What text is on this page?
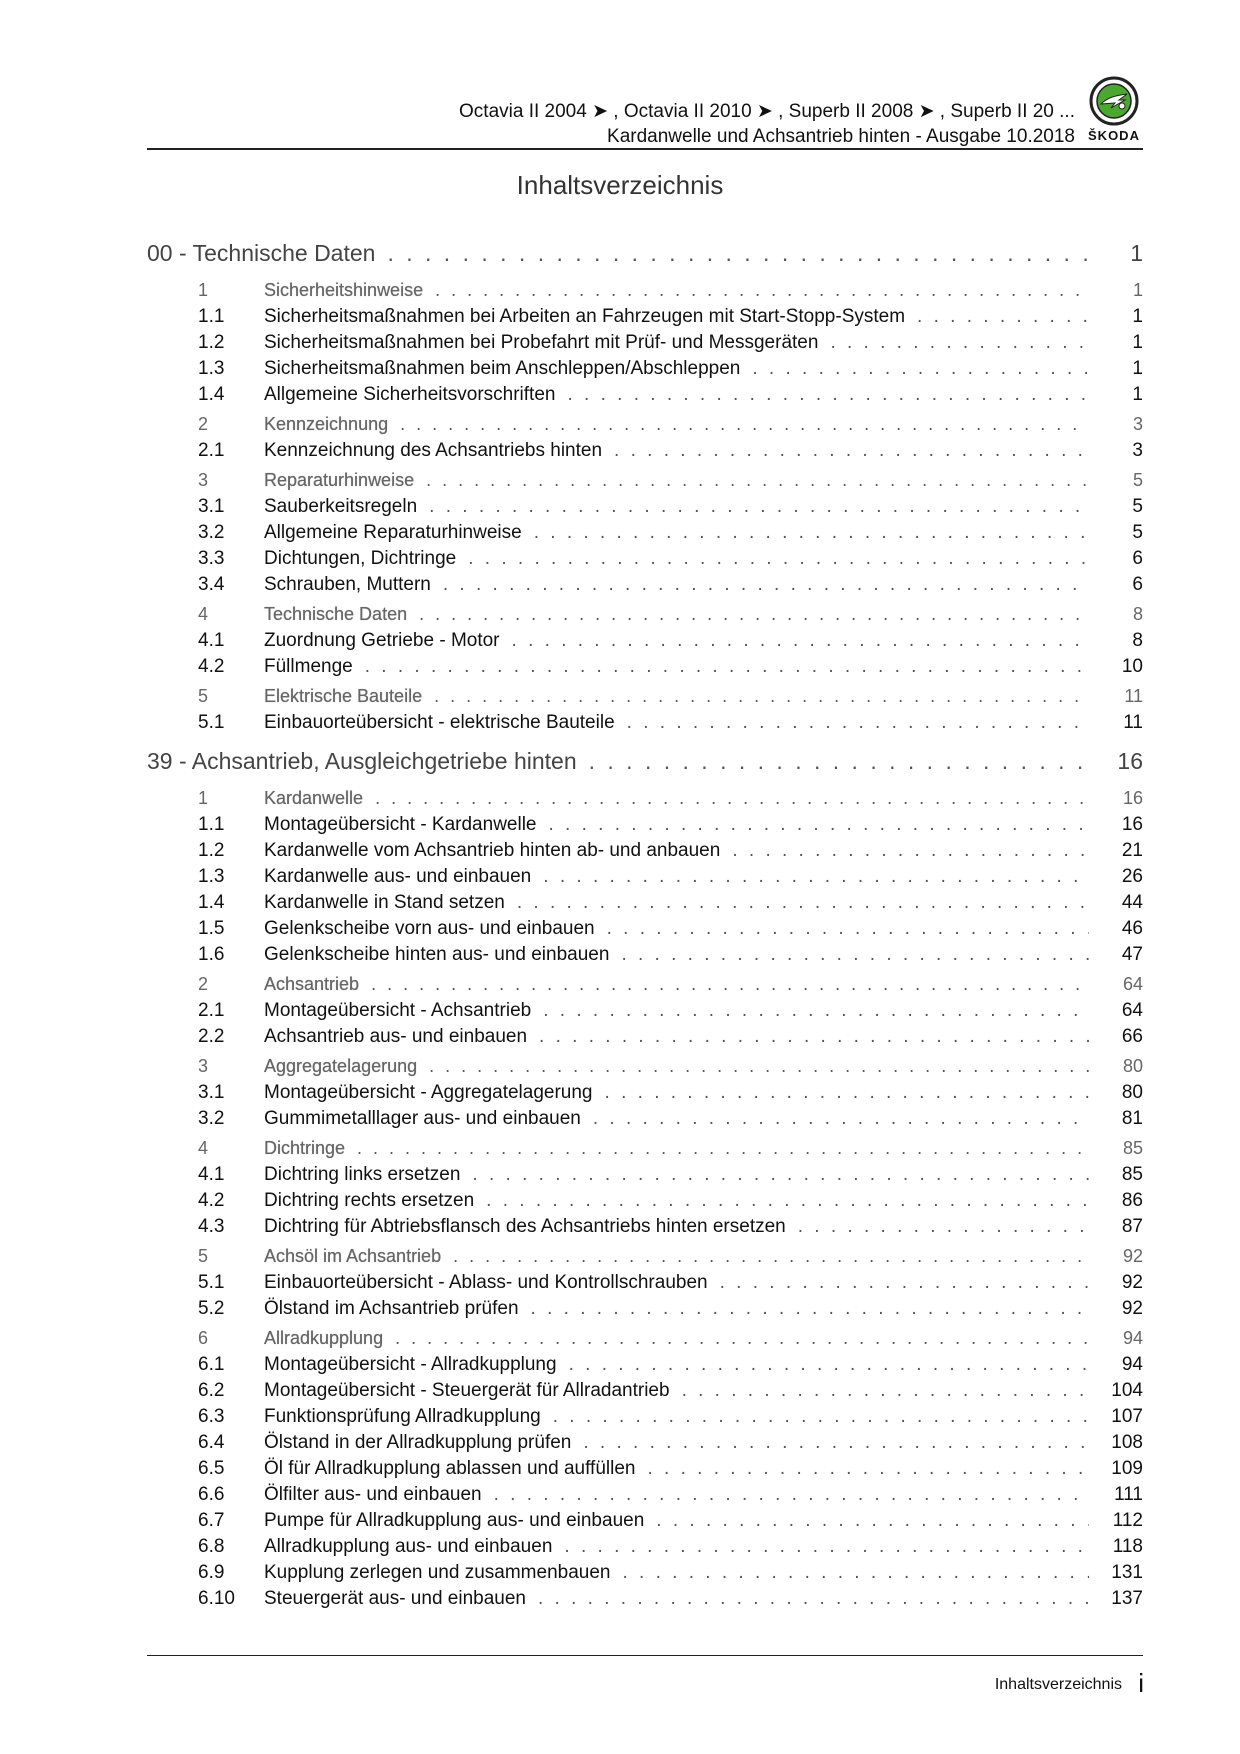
Octavia II 2004 ➤ , Octavia II 2010 ➤ , Superb II 2008 ➤ , Superb II 20 ...
Kardanwelle und Achsantrieb hinten - Ausgabe 10.2018 ŠKODA
Inhaltsverzeichnis
00 - Technische Daten . . .	1
1	Sicherheitshinweise . . .	1
1.1	Sicherheitsmaßnahmen bei Arbeiten an Fahrzeugen mit Start-Stopp-System . . .	1
1.2	Sicherheitsmaßnahmen bei Probefahrt mit Prüf- und Messgeräten . . .	1
1.3	Sicherheitsmaßnahmen beim Anschleppen/Abschleppen . . .	1
1.4	Allgemeine Sicherheitsvorschriften . . .	1
2	Kennzeichnung . . .	3
2.1	Kennzeichnung des Achsantriebs hinten . . .	3
3	Reparaturhinweise . . .	5
3.1	Sauberkeitsregeln . . .	5
3.2	Allgemeine Reparaturhinweise . . .	5
3.3	Dichtungen, Dichtringe . . .	6
3.4	Schrauben, Muttern . . .	6
4	Technische Daten . . .	8
4.1	Zuordnung Getriebe - Motor . . .	8
4.2	Füllmenge . . .	10
5	Elektrische Bauteile . . .	11
5.1	Einbauorteübersicht - elektrische Bauteile . . .	11
39 - Achsantrieb, Ausgleichgetriebe hinten . . .	16
1	Kardanwelle . . .	16
1.1	Montageübersicht - Kardanwelle . . .	16
1.2	Kardanwelle vom Achsantrieb hinten ab- und anbauen . . .	21
1.3	Kardanwelle aus- und einbauen . . .	26
1.4	Kardanwelle in Stand setzen . . .	44
1.5	Gelenkscheibe vorn aus- und einbauen . . .	46
1.6	Gelenkscheibe hinten aus- und einbauen . . .	47
2	Achsantrieb . . .	64
2.1	Montageübersicht - Achsantrieb . . .	64
2.2	Achsantrieb aus- und einbauen . . .	66
3	Aggregatelagerung . . .	80
3.1	Montageübersicht - Aggregatelagerung . . .	80
3.2	Gummimetalllager aus- und einbauen . . .	81
4	Dichtringe . . .	85
4.1	Dichtring links ersetzen . . .	85
4.2	Dichtring rechts ersetzen . . .	86
4.3	Dichtring für Abtriebsflansch des Achsantriebs hinten ersetzen . . .	87
5	Achsöl im Achsantrieb . . .	92
5.1	Einbauorteübersicht - Ablass- und Kontrollschrauben . . .	92
5.2	Ölstand im Achsantrieb prüfen . . .	92
6	Allradkupplung . . .	94
6.1	Montageübersicht - Allradkupplung . . .	94
6.2	Montageübersicht - Steuergerät für Allradantrieb . . .	104
6.3	Funktionsprüfung Allradkupplung . . .	107
6.4	Ölstand in der Allradkupplung prüfen . . .	108
6.5	Öl für Allradkupplung ablassen und auffüllen . . .	109
6.6	Ölfilter aus- und einbauen . . .	111
6.7	Pumpe für Allradkupplung aus- und einbauen . . .	112
6.8	Allradkupplung aus- und einbauen . . .	118
6.9	Kupplung zerlegen und zusammenbauen . . .	131
6.10	Steuergerät aus- und einbauen . . .	137
Inhaltsverzeichnis i
